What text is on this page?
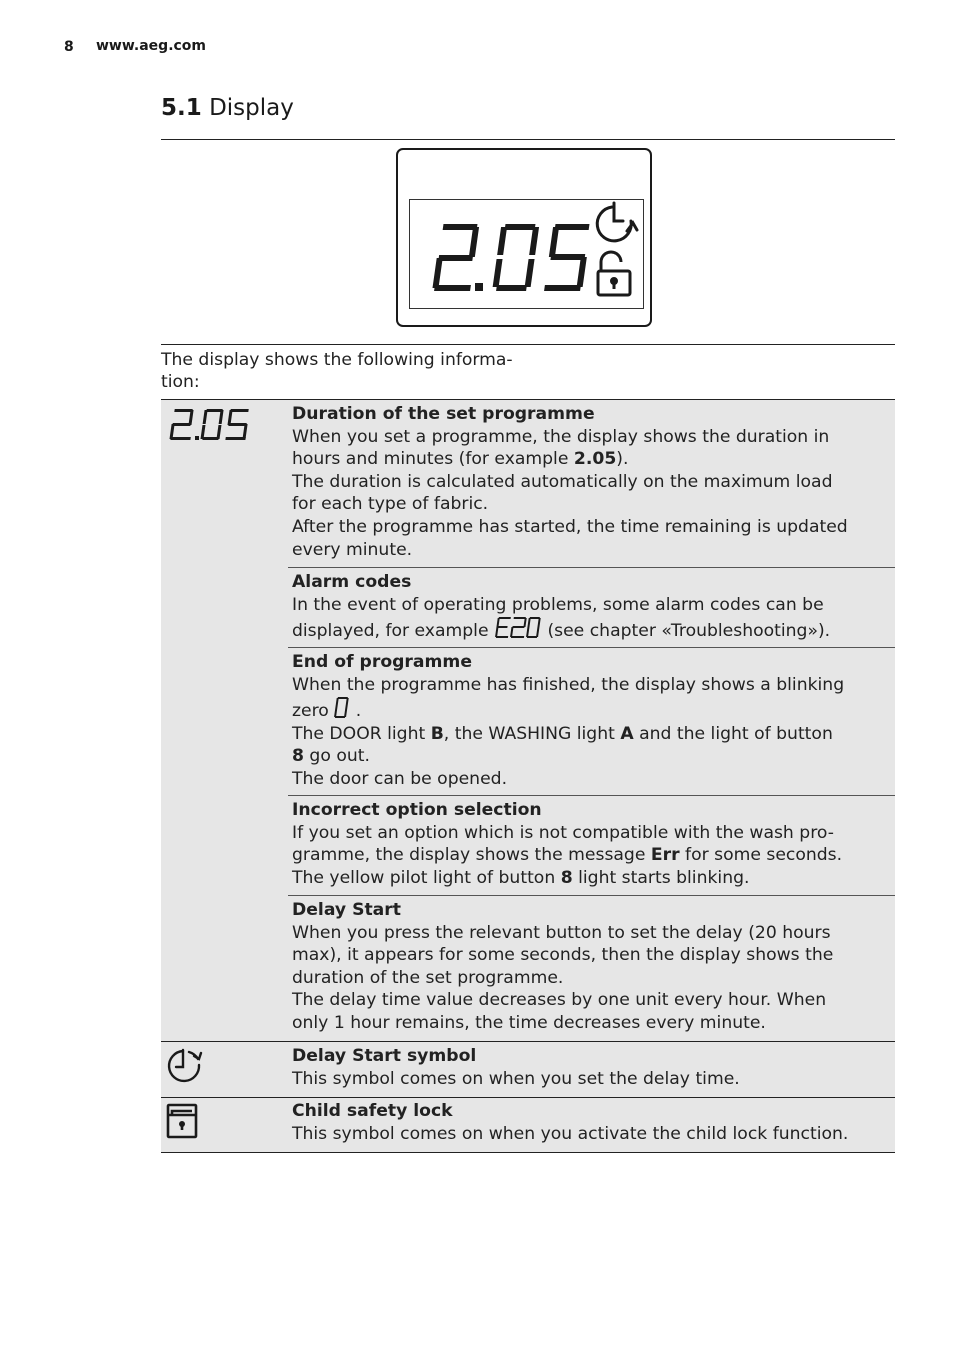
8 www.aeg.com
5.1 Display
The display shows the following informa-
tion:
Duration of the set programme
When you set a programme, the display shows the duration in
hours and minutes (for example 2.05).
The duration is calculated automatically on the maximum load
for each type of fabric.
After the programme has started, the time remaining is updated
every minute.
Alarm codes
In the event of operating problems, some alarm codes can be
displayed, for example	(see chapter «Troubleshooting»).
End of programme
When the programme has finished, the display shows a blinking
zero  .
The DOOR light B, the WASHING light A and the light of button
8 go out.
The door can be opened.
Incorrect option selection
If you set an option which is not compatible with the wash pro-
gramme, the display shows the message Err for some seconds.
The yellow pilot light of button 8 light starts blinking.
Delay Start
When you press the relevant button to set the delay (20 hours
max), it appears for some seconds, then the display shows the
duration of the set programme.
The delay time value decreases by one unit every hour. When
only 1 hour remains, the time decreases every minute.
Delay Start symbol
This symbol comes on when you set the delay time.
Child safety lock
This symbol comes on when you activate the child lock function.
